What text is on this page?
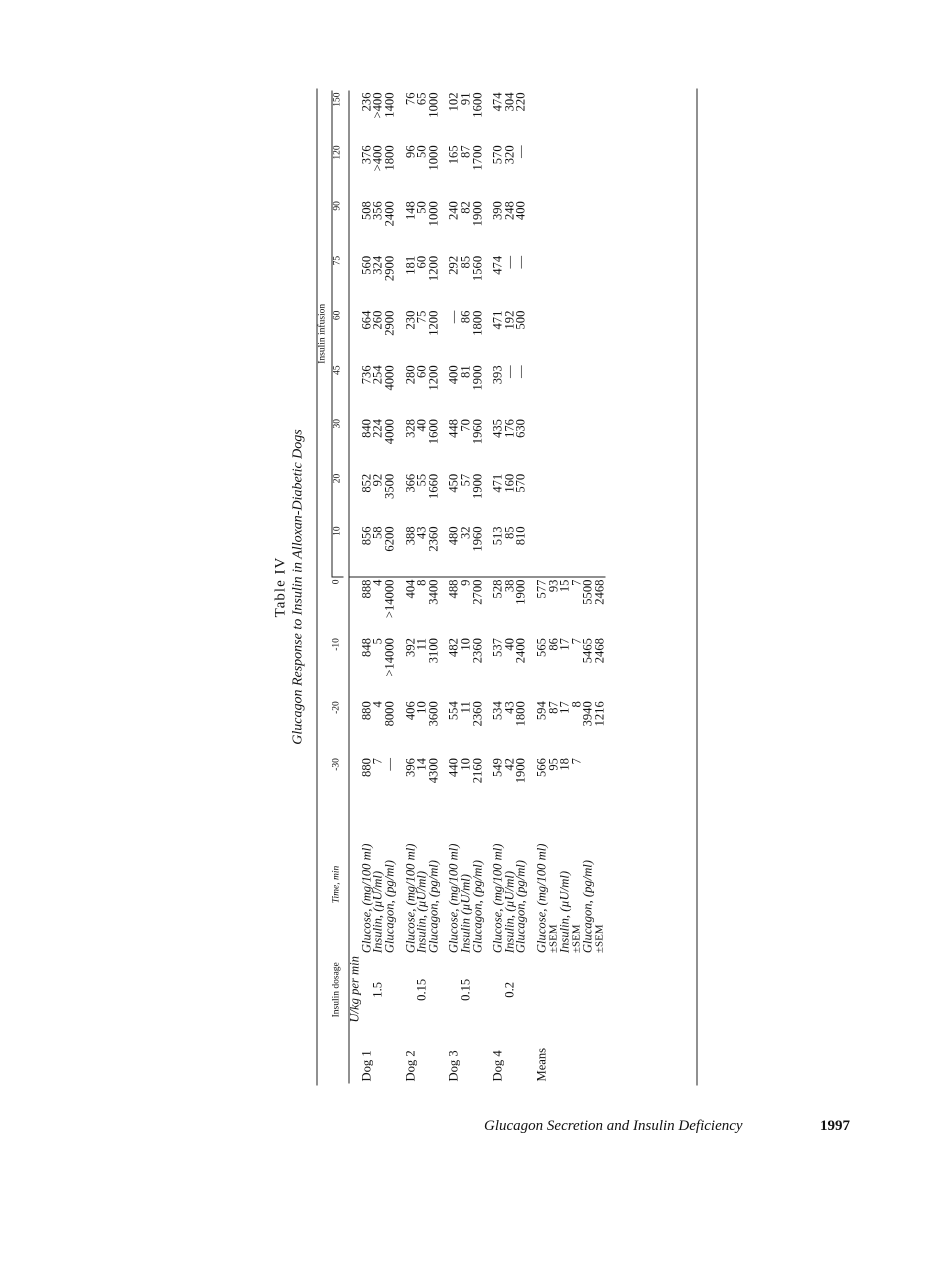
Table IV Glucagon Response to Insulin in Alloxan-Diabetic Dogs
							Insulin infusion								
	Insulin dosage	Time, min	-30	-20	-10	0	10	20	30	45	60	75	90	120	150

	U/kg per min														
Dog 1		Glucose, (mg/100 ml)	880	880	848	888	856	852	840	736	664	560	508	376	236
	1.5	Insulin, (µU/ml)	7	4	5	4	58	92	224	254	260	324	356	>400	>400
		Glucagon, (pg/ml)	—	8000	>14000	>14000	6200	3500	4000	4000	2900	2900	2400	1800	1400

Dog 2		Glucose, (mg/100 ml)	396	406	392	404	388	366	328	280	230	181	148	96	76
	0.15	Insulin, (µU/ml)	14	10	11	8	43	55	40	60	75	60	50	50	65
		Glucagon, (pg/ml)	4300	3600	3100	3400	2360	1660	1600	1200	1200	1200	1000	1000	1000

Dog 3		Glucose, (mg/100 ml)	440	554	482	488	480	450	448	400	—	292	240	165	102
	0.15	Insulin (µU/ml)	10	11	10	9	32	57	70	81	86	85	82	87	91
		Glucagon, (pg/ml)	2160	2360	2360	2700	1960	1900	1960	1900	1800	1560	1900	1700	1600

Dog 4		Glucose, (mg/100 ml)	549	534	537	528	513	471	435	393	471	474	390	570	474
	0.2	Insulin, (µU/ml)	42	43	40	38	85	160	176	—	192	—	248	320	304
		Glucagon, (pg/ml)	1900	1800	2400	1900	810	570	630	—	500	—	400	—	220

Means		Glucose, (mg/100 ml)	566	594	565	577									
		±SEM	95	87	86	93									
		Insulin, (µU/ml)	18	17	17	15									
		±SEM	7	8	7	7									
		Glucagon, (pg/ml)		3940	5465	5500									
		±SEM		1216	2468	2468									
Glucagon Secretion and Insulin Deficiency	1997
